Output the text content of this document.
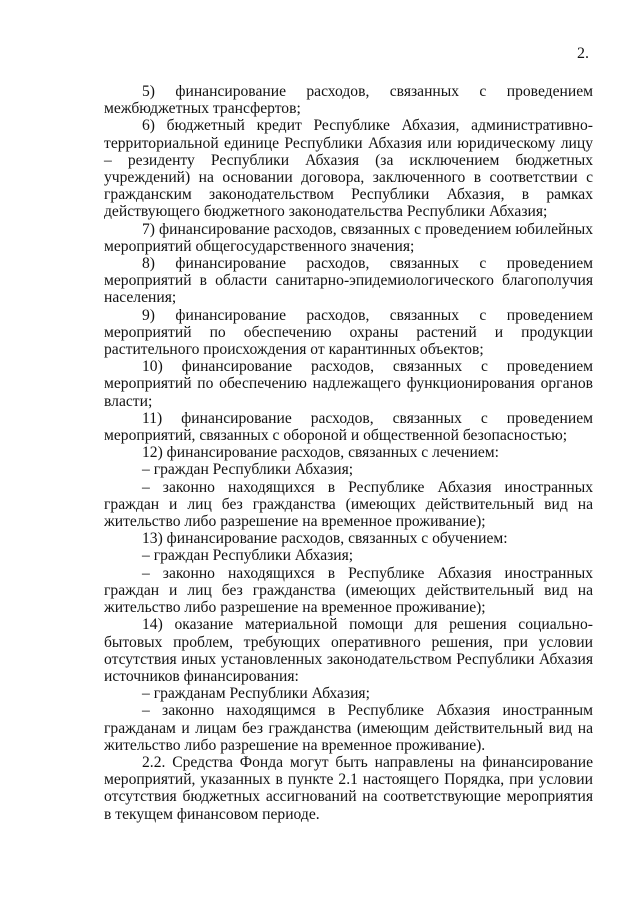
2.

5) финансирование расходов, связанных с проведением межбюджетных трансфертов;

6) бюджетный кредит Республике Абхазия, административно-территориальной единице Республики Абхазия или юридическому лицу – резиденту Республики Абхазия (за исключением бюджетных учреждений) на основании договора, заключенного в соответствии с гражданским законодательством Республики Абхазия, в рамках действующего бюджетного законодательства Республики Абхазия;

7) финансирование расходов, связанных с проведением юбилейных мероприятий общегосударственного значения;

8) финансирование расходов, связанных с проведением мероприятий в области санитарно-эпидемиологического благополучия населения;

9) финансирование расходов, связанных с проведением мероприятий по обеспечению охраны растений и продукции растительного происхождения от карантинных объектов;

10) финансирование расходов, связанных с проведением мероприятий по обеспечению надлежащего функционирования органов власти;

11) финансирование расходов, связанных с проведением мероприятий, связанных с обороной и общественной безопасностью;

12) финансирование расходов, связанных с лечением:

– граждан Республики Абхазия;

– законно находящихся в Республике Абхазия иностранных граждан и лиц без гражданства (имеющих действительный вид на жительство либо разрешение на временное проживание);

13) финансирование расходов, связанных с обучением:

– граждан Республики Абхазия;

– законно находящихся в Республике Абхазия иностранных граждан и лиц без гражданства (имеющих действительный вид на жительство либо разрешение на временное проживание);

14) оказание материальной помощи для решения социально-бытовых проблем, требующих оперативного решения, при условии отсутствия иных установленных законодательством Республики Абхазия источников финансирования:

– гражданам Республики Абхазия;

– законно находящимся в Республике Абхазия иностранным гражданам и лицам без гражданства (имеющим действительный вид на жительство либо разрешение на временное проживание).

2.2. Средства Фонда могут быть направлены на финансирование мероприятий, указанных в пункте 2.1 настоящего Порядка, при условии отсутствия бюджетных ассигнований на соответствующие мероприятия в текущем финансовом периоде.
